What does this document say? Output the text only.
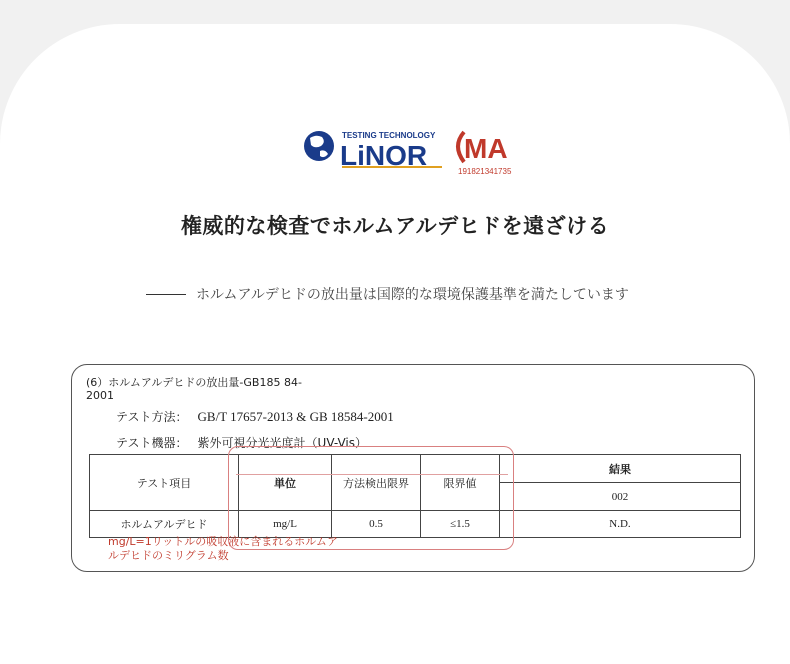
TESTING TECHNOLOGY
LiNOR MA
191821341735
権威的な検査でホルムアルデヒドを遠ざける
ホルムアルデヒドの放出量は国際的な環境保護基準を満たしています
(6）ホルムアルデヒドの放出量-GB185 84-2001
テスト方法： GB/T 17657-2013 & GB 18584-2001
テスト機器： 紫外可視分光光度計（UV-Vis）
テスト項目	単位	方法検出限界	限界値	結果
				002
ホルムアルデヒド	mg/L	0.5	≤1.5	N.D.
mg/L=1リットルの吸収液に含まれるホルムアルデヒドのミリグラム数
